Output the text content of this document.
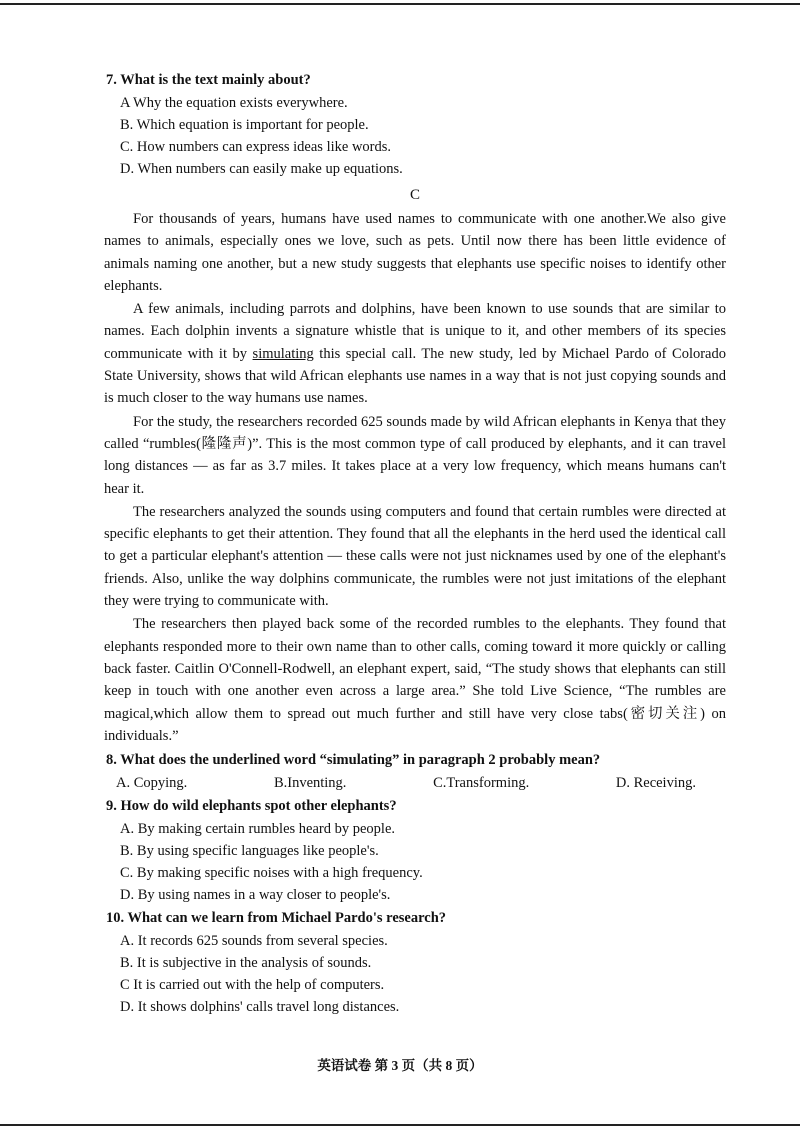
7. What is the text mainly about?
A Why the equation exists everywhere.
B. Which equation is important for people.
C. How numbers can express ideas like words.
D. When numbers can easily make up equations.
C

For thousands of years, humans have used names to communicate with one another.We also give names to animals, especially ones we love, such as pets. Until now there has been little evidence of animals naming one another, but a new study suggests that elephants use specific noises to identify other elephants.

A few animals, including parrots and dolphins, have been known to use sounds that are similar to names. Each dolphin invents a signature whistle that is unique to it, and other members of its species communicate with it by simulating this special call. The new study, led by Michael Pardo of Colorado State University, shows that wild African elephants use names in a way that is not just copying sounds and is much closer to the way humans use names.

For the study, the researchers recorded 625 sounds made by wild African elephants in Kenya that they called “rumbles(隆隆声)”. This is the most common type of call produced by elephants, and it can travel long distances — as far as 3.7 miles. It takes place at a very low frequency, which means humans can't hear it.

The researchers analyzed the sounds using computers and found that certain rumbles were directed at specific elephants to get their attention. They found that all the elephants in the herd used the identical call to get a particular elephant's attention — these calls were not just nicknames used by one of the elephant's friends. Also, unlike the way dolphins communicate, the rumbles were not just imitations of the elephant they were trying to communicate with.

The researchers then played back some of the recorded rumbles to the elephants. They found that elephants responded more to their own name than to other calls, coming toward it more quickly or calling back faster. Caitlin O'Connell-Rodwell, an elephant expert, said, “The study shows that elephants can still keep in touch with one another even across a large area.” She told Live Science, “The rumbles are magical,which allow them to spread out much further and still have very close tabs(密切关注) on individuals.”

8. What does the underlined word “simulating” in paragraph 2 probably mean?
A. Copying.	B.Inventing.	C.Transforming.	D. Receiving.
9. How do wild elephants spot other elephants?
A. By making certain rumbles heard by people.
B. By using specific languages like people's.
C. By making specific noises with a high frequency.
D. By using names in a way closer to people's.
10. What can we learn from Michael Pardo's research?
A. It records 625 sounds from several species.
B. It is subjective in the analysis of sounds.
C It is carried out with the help of computers.
D. It shows dolphins' calls travel long distances.
英语试卷 第 3 页（共 8 页）
